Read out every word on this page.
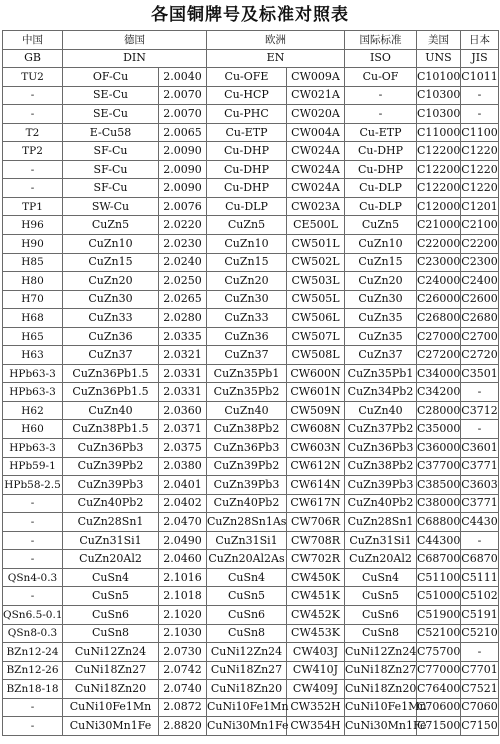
各国铜牌号及标准对照表
中国	德国		欧洲		国际标准	美国	日本
GB	DIN		EN		ISO	UNS	JIS
TU2	OF-Cu	2.0040	Cu-OFE	CW009A	Cu-OF	C10100	C1011
-	SE-Cu	2.0070	Cu-HCP	CW021A	-	C10300	-
-	SE-Cu	2.0070	Cu-PHC	CW020A	-	C10300	-
T2	E-Cu58	2.0065	Cu-ETP	CW004A	Cu-ETP	C11000	C1100
TP2	SF-Cu	2.0090	Cu-DHP	CW024A	Cu-DHP	C12200	C1220
-	SF-Cu	2.0090	Cu-DHP	CW024A	Cu-DHP	C12200	C1220
-	SF-Cu	2.0090	Cu-DHP	CW024A	Cu-DLP	C12200	C1220
TP1	SW-Cu	2.0076	Cu-DLP	CW023A	Cu-DLP	C12000	C1201
H96	CuZn5	2.0220	CuZn5	CE500L	CuZn5	C21000	C2100
H90	CuZn10	2.0230	CuZn10	CW501L	CuZn10	C22000	C2200
H85	CuZn15	2.0240	CuZn15	CW502L	CuZn15	C23000	C2300
H80	CuZn20	2.0250	CuZn20	CW503L	CuZn20	C24000	C2400
H70	CuZn30	2.0265	CuZn30	CW505L	CuZn30	C26000	C2600
H68	CuZn33	2.0280	CuZn33	CW506L	CuZn35	C26800	C2680
H65	CuZn36	2.0335	CuZn36	CW507L	CuZn35	C27000	C2700
H63	CuZn37	2.0321	CuZn37	CW508L	CuZn37	C27200	C2720
HPb63-3	CuZn36Pb1.5	2.0331	CuZn35Pb1	CW600N	CuZn35Pb1	C34000	C3501
HPb63-3	CuZn36Pb1.5	2.0331	CuZn35Pb2	CW601N	CuZn34Pb2	C34200	-
H62	CuZn40	2.0360	CuZn40	CW509N	CuZn40	C28000	C3712
H60	CuZn38Pb1.5	2.0371	CuZn38Pb2	CW608N	CuZn37Pb2	C35000	-
HPb63-3	CuZn36Pb3	2.0375	CuZn36Pb3	CW603N	CuZn36Pb3	C36000	C3601
HPb59-1	CuZn39Pb2	2.0380	CuZn39Pb2	CW612N	CuZn38Pb2	C37700	C3771
HPb58-2.5	CuZn39Pb3	2.0401	CuZn39Pb3	CW614N	CuZn39Pb3	C38500	C3603
-	CuZn40Pb2	2.0402	CuZn40Pb2	CW617N	CuZn40Pb2	C38000	C3771
-	CuZn28Sn1	2.0470	CuZn28Sn1As	CW706R	CuZn28Sn1	C68800	C4430
-	CuZn31Si1	2.0490	CuZn31Si1	CW708R	CuZn31Si1	C44300	-
-	CuZn20Al2	2.0460	CuZn20Al2As	CW702R	CuZn20Al2	C68700	C6870
QSn4-0.3	CuSn4	2.1016	CuSn4	CW450K	CuSn4	C51100	C5111
-	CuSn5	2.1018	CuSn5	CW451K	CuSn5	C51000	C5102
QSn6.5-0.1	CuSn6	2.1020	CuSn6	CW452K	CuSn6	C51900	C5191
QSn8-0.3	CuSn8	2.1030	CuSn8	CW453K	CuSn8	C52100	C5210
BZn12-24	CuNi12Zn24	2.0730	CuNi12Zn24	CW403J	CuNi12Zn24	C75700	-
BZn12-26	CuNi18Zn27	2.0742	CuNi18Zn27	CW410J	CuNi18Zn27	C77000	C7701
BZn18-18	CuNi18Zn20	2.0740	CuNi18Zn20	CW409J	CuNi18Zn20	C76400	C7521
-	CuNi10Fe1Mn	2.0872	CuNi10Fe1Mn	CW352H	CuNi10Fe1Mn	C70600	C7060
-	CuNi30Mn1Fe	2.8820	CuNi30Mn1Fe	CW354H	CuNi30Mn1Fe	C71500	C7150
